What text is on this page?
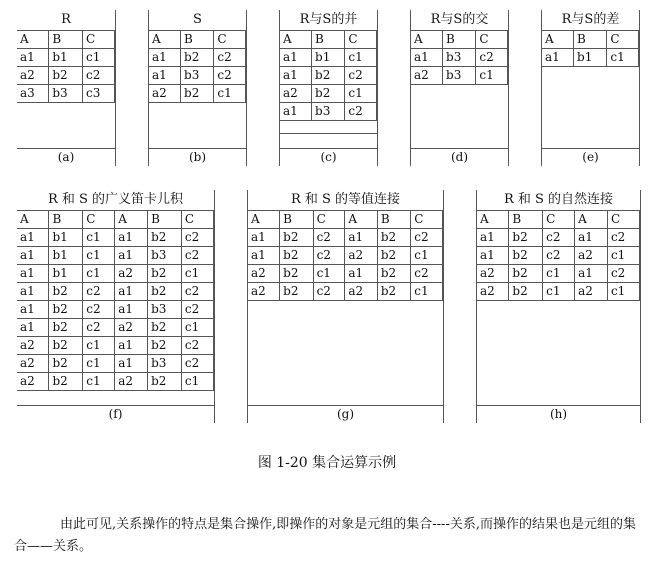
R
A	B	C
a1	b1	c1
a2	b2	c2
a3	b3	c3
(a)
S
A	B	C
a1	b2	c2
a1	b3	c2
a2	b2	c1
(b)
R与S的并
A	B	C
a1	b1	c1
a1	b2	c2
a2	b2	c1
a1	b3	c2
(c)
R与S的交
A	B	C
a1	b3	c2
a2	b3	c1
(d)
R与S的差
A	B	C
a1	b1	c1
(e)
R 和 S 的广义笛卡儿积
A	B	C	A	B	C
a1	b1	c1	a1	b2	c2
a1	b1	c1	a1	b3	c2
a1	b1	c1	a2	b2	c1
a1	b2	c2	a1	b2	c2
a1	b2	c2	a1	b3	c2
a1	b2	c2	a2	b2	c1
a2	b2	c1	a1	b2	c2
a2	b2	c1	a1	b3	c2
a2	b2	c1	a2	b2	c1
(f)
R 和 S 的等值连接
A	B	C	A	B	C
a1	b2	c2	a1	b2	c2
a1	b2	c2	a2	b2	c1
a2	b2	c1	a1	b2	c2
a2	b2	c2	a2	b2	c1
(g)
R 和 S 的自然连接
A	B	C	A	C
a1	b2	c2	a1	c2
a1	b2	c2	a2	c1
a2	b2	c1	a1	c2
a2	b2	c1	a2	c1
(h)
图 1-20 集合运算示例
由此可见,关系操作的特点是集合操作,即操作的对象是元组的集合----关系,而操作的结果也是元组的集合——关系。
